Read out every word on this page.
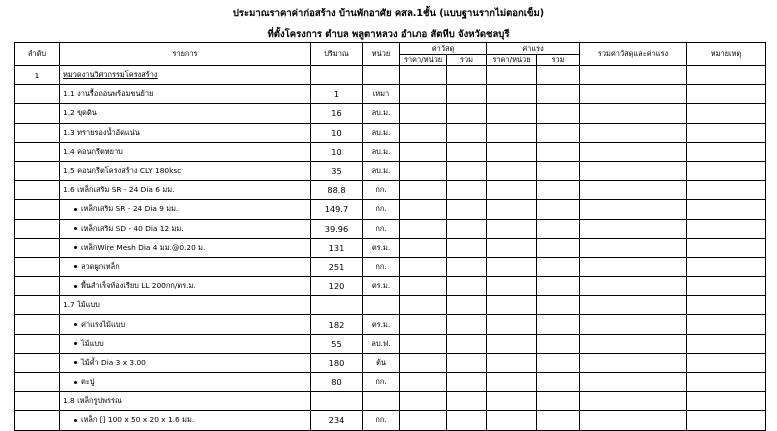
ประมาณราคาค่าก่อสร้าง บ้านพักอาศัย คสล.1ชั้น (แบบฐานรากไม่ตอกเข็ม)
ที่ตั้งโครงการ ตำบล พลูตาหลวง อำเภอ สัตหีบ จังหวัดชลบุรี
ลำดับ	รายการ	ปริมาณ	หน่วย	ค่าวัสดุ		ค่าแรง		รวมค่าวัสดุและค่าแรง	หมายเหตุ
				ราคา/หน่วย	รวม	ราคา/หน่วย	รวม		
1	หมวดงานวิศวกรรมโครงสร้าง								
	1.1 งานรื้อถอนพร้อมขนย้าย	1	เหมา						
	1.2 ขุดดิน	16	ลบ.ม.						
	1.3 ทรายรองน้ำอัดแน่น	10	ลบ.ม.						
	1.4 คอนกรีตหยาบ	10	ลบ.ม.						
	1.5 คอนกรีตโครงสร้าง CLY 180ksc	35	ลบ.ม.						
	1.6 เหล็กเสริม SR - 24 Dia 6 มม.	88.8	กก.						
	เหล็กเสริม SR - 24 Dia 9 มม.	149.7	กก.						
	เหล็กเสริม SD - 40 Dia 12 มม.	39.96	กก.						
	เหล็กWire Mesh Dia 4 มม.@0.20 ม.	131	ตร.ม.						
	ลวดผูกเหล็ก	251	กก.						
	พื้นสำเร็จท้องเรียบ LL 200กก/ตร.ม.	120	ตร.ม.						
	1.7 ไม้แบบ								
	ค่าแรงไม้แบบ	182	ตร.ม.						
	ไม้แบบ	55	ลบ.ฟ.						
	ไม้ค้ำ Dia 3 x 3.00	180	ต้น						
	ตะปู	80	กก.						
	1.8 เหล็กรูปพรรณ								
	เหล็ก [] 100 x 50 x 20 x 1.6 มม.	234	กก.						
